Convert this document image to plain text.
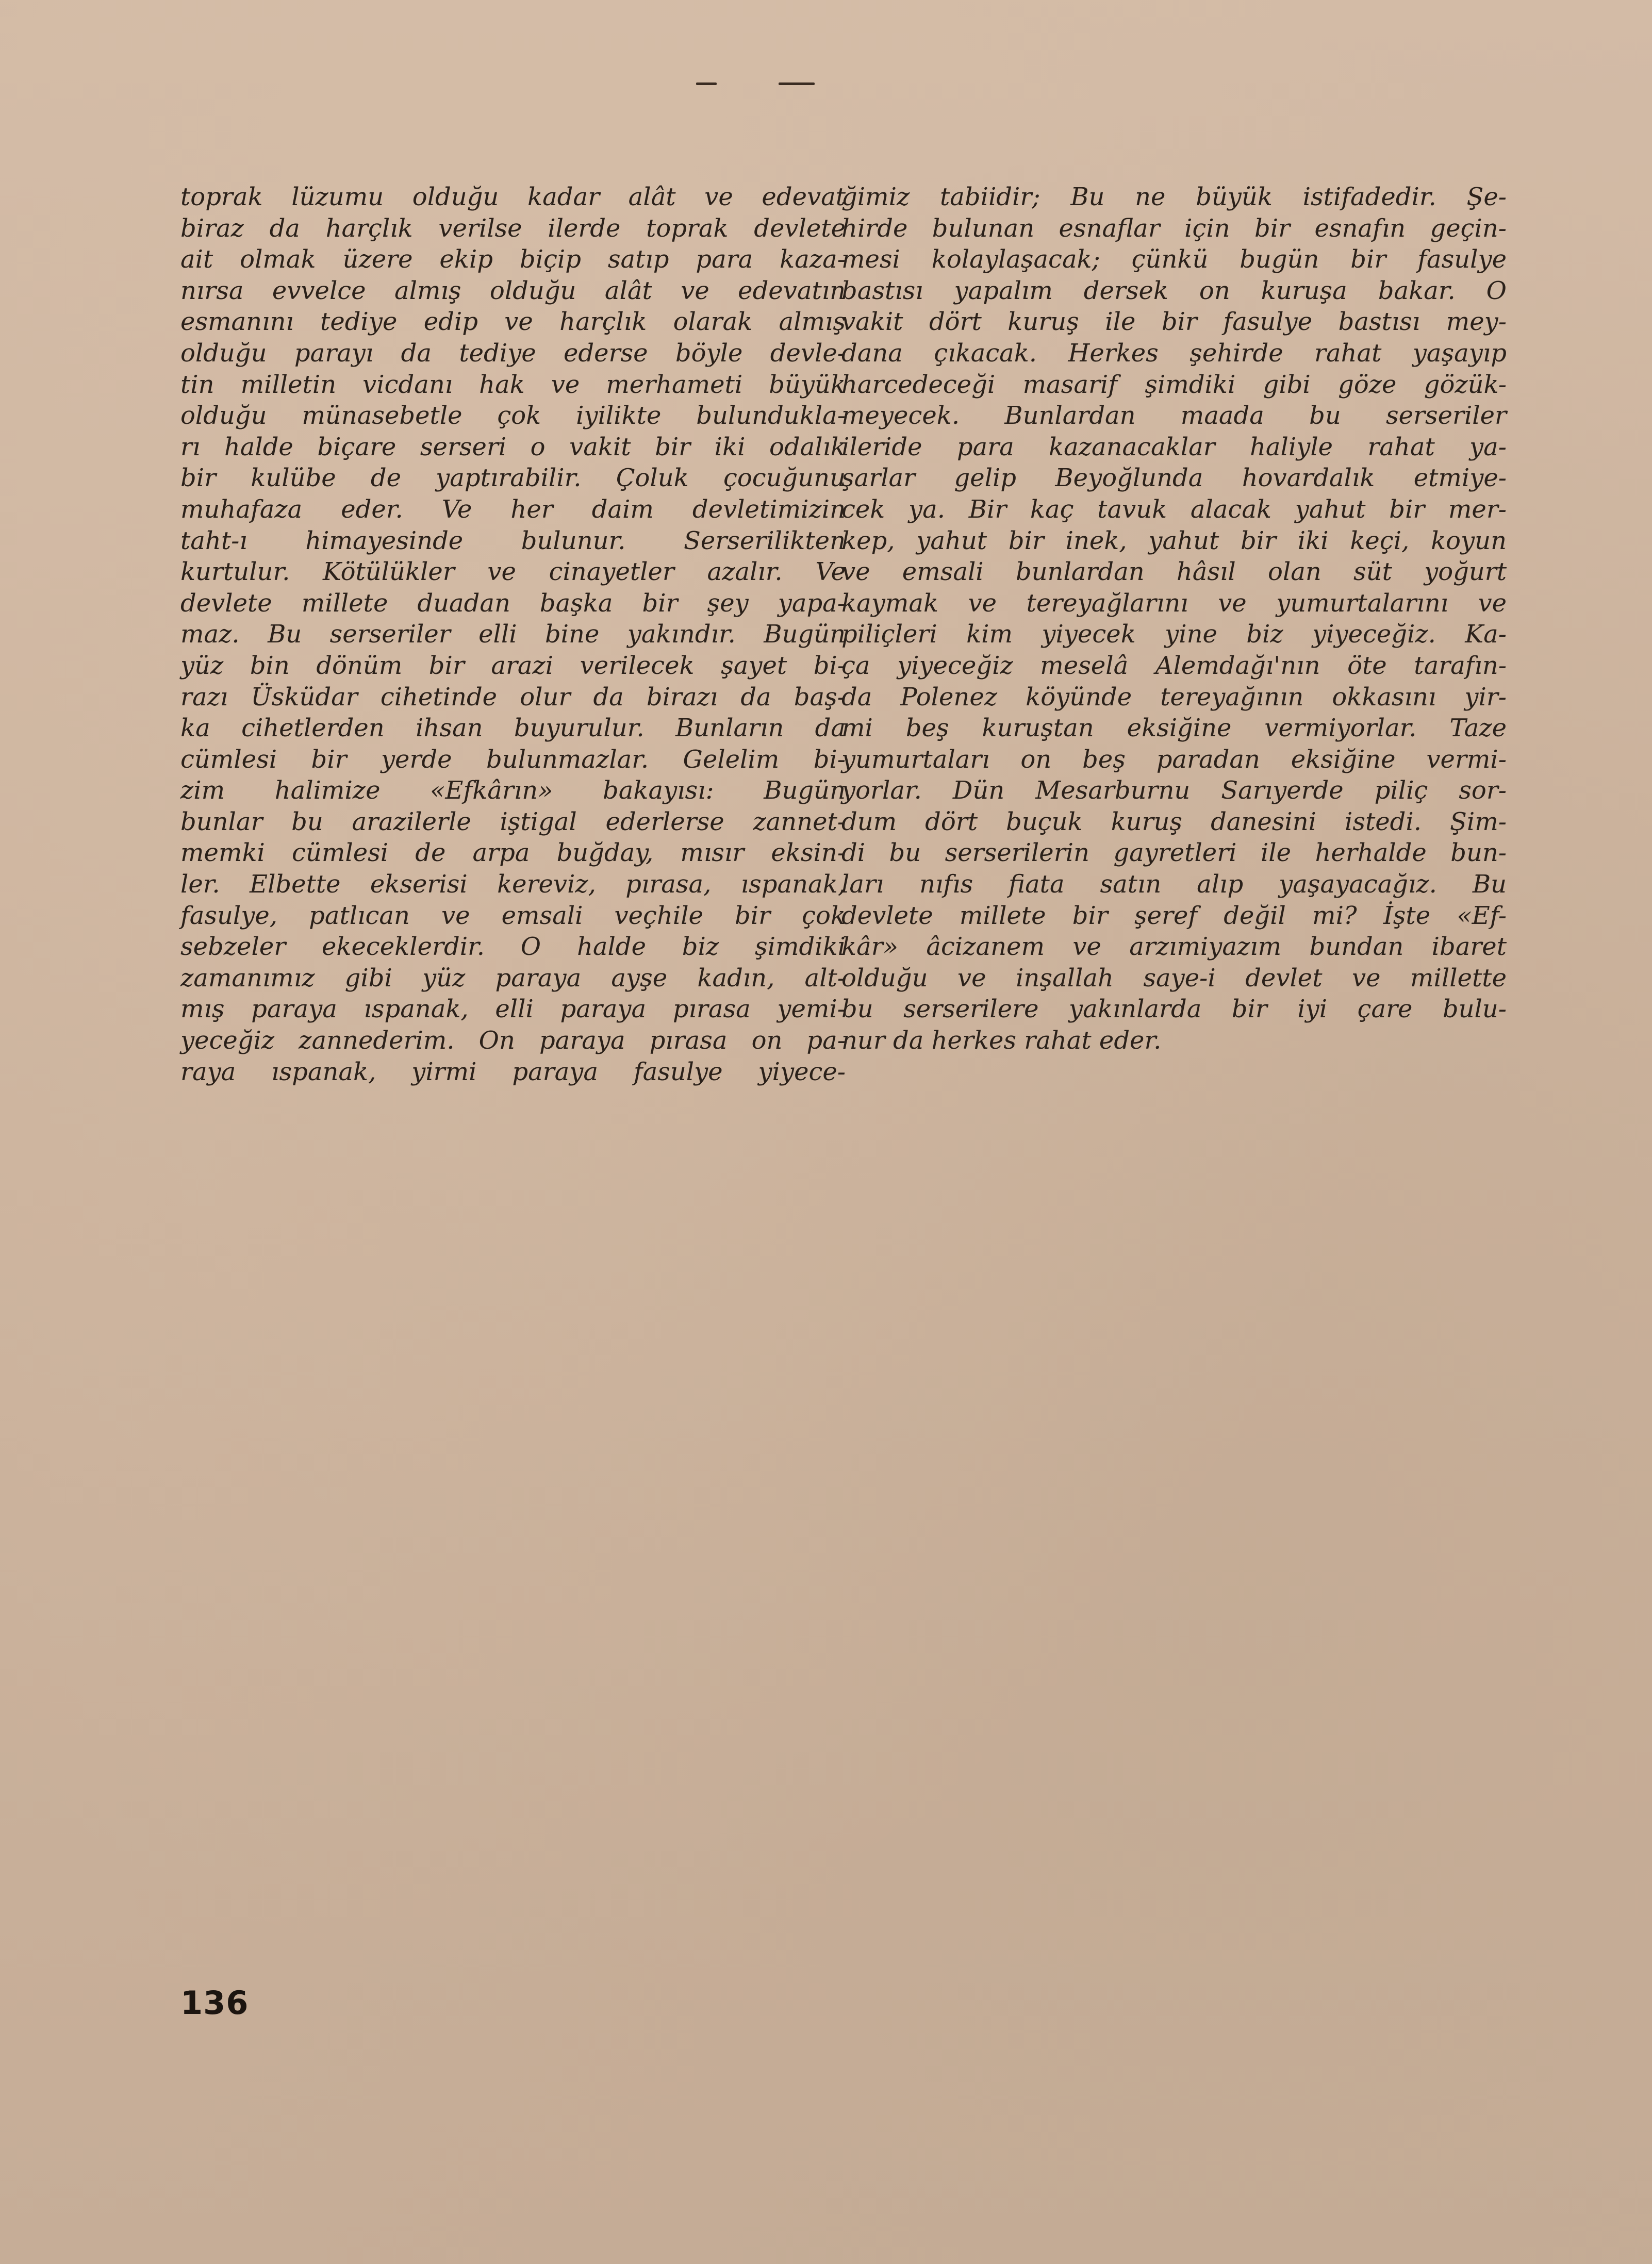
toprak lüzumu olduğu kadar alât ve edevat
biraz da harçlık verilse ilerde toprak devlete
ait olmak üzere ekip biçip satıp para kaza-
nırsa evvelce almış olduğu alât ve edevatın
esmanını tediye edip ve harçlık olarak almış
olduğu parayı da tediye ederse böyle devle-
tin milletin vicdanı hak ve merhameti büyük
olduğu münasebetle çok iyilikte bulundukla-
rı halde biçare serseri o vakit bir iki odalık
bir kulübe de yaptırabilir. Çoluk çocuğunu
muhafaza eder. Ve her daim devletimizin
taht-ı himayesinde bulunur. Serserilikten
kurtulur. Kötülükler ve cinayetler azalır. Ve
devlete millete duadan başka bir şey yapa-
maz. Bu serseriler elli bine yakındır. Bugün
yüz bin dönüm bir arazi verilecek şayet bi-
razı Üsküdar cihetinde olur da birazı da baş-
ka cihetlerden ihsan buyurulur. Bunların da
cümlesi bir yerde bulunmazlar. Gelelim bi-
zim halimize «Efkârın» bakayısı: Bugün
bunlar bu arazilerle iştigal ederlerse zannet-
memki cümlesi de arpa buğday, mısır eksin-
ler. Elbette ekserisi kereviz, pırasa, ıspanak,
fasulye, patlıcan ve emsali veçhile bir çok
sebzeler ekeceklerdir. O halde biz şimdiki
zamanımız gibi yüz paraya ayşe kadın, alt-
mış paraya ıspanak, elli paraya pırasa yemi-
yeceğiz zannederim. On paraya pırasa on pa-
raya ıspanak, yirmi paraya fasulye yiyece-
ğimiz tabiidir; Bu ne büyük istifadedir. Şe-
hirde bulunan esnaflar için bir esnafın geçin-
mesi kolaylaşacak; çünkü bugün bir fasulye
bastısı yapalım dersek on kuruşa bakar. O
vakit dört kuruş ile bir fasulye bastısı mey-
dana çıkacak. Herkes şehirde rahat yaşayıp
harcedeceği masarif şimdiki gibi göze gözük-
meyecek. Bunlardan maada bu serseriler
ileride para kazanacaklar haliyle rahat ya-
şarlar gelip Beyoğlunda hovardalık etmiye-
cek ya. Bir kaç tavuk alacak yahut bir mer-
kep, yahut bir inek, yahut bir iki keçi, koyun
ve emsali bunlardan hâsıl olan süt yoğurt
kaymak ve tereyağlarını ve yumurtalarını ve
piliçleri kim yiyecek yine biz yiyeceğiz. Ka-
ça yiyeceğiz meselâ Alemdağı'nın öte tarafın-
da Polenez köyünde tereyağının okkasını yir-
mi beş kuruştan eksiğine vermiyorlar. Taze
yumurtaları on beş paradan eksiğine vermi-
yorlar. Dün Mesarburnu Sarıyerde piliç sor-
dum dört buçuk kuruş danesini istedi. Şim-
di bu serserilerin gayretleri ile herhalde bun-
ları nıfıs fiata satın alıp yaşayacağız. Bu
devlete millete bir şeref değil mi? İşte «Ef-
kâr» âcizanem ve arzımiyazım bundan ibaret
olduğu ve inşallah saye-i devlet ve millette
bu serserilere yakınlarda bir iyi çare bulu-
nur da herkes rahat eder.
136
